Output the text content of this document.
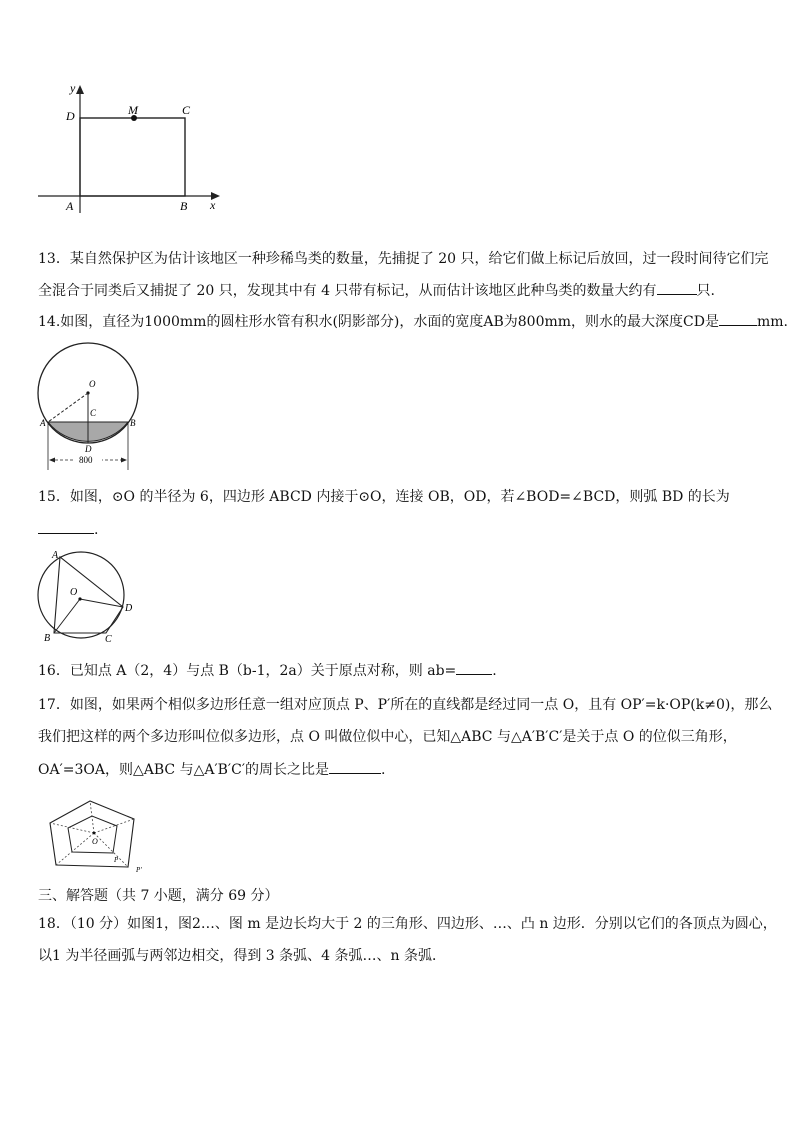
y
x
D	M	C
A	B
13．某自然保护区为估计该地区一种珍稀鸟类的数量，先捕捉了 20 只，给它们做上标记后放回，过一段时间待它们完
全混合于同类后又捕捉了 20 只，发现其中有 4 只带有标记，从而估计该地区此种鸟类的数量大约有	只.
14.如图，直径为1000mm的圆柱形水管有积水(阴影部分)，水面的宽度AB为800mm，则水的最大深度CD是	mm.
O
C
A	B
D
800
15．如图，⊙O 的半径为 6，四边形 ABCD 内接于⊙O，连接 OB，OD，若∠BOD=∠BCD，则弧 BD 的长为
.
A
O
D
B	C
16．已知点 A（2，4）与点 B（b-1，2a）关于原点对称，则 ab=	.
17．如图，如果两个相似多边形任意一组对应顶点 P、P′所在的直线都是经过同一点 O，且有 OP′=k·OP(k≠0)，那么
我们把这样的两个多边形叫位似多边形，点 O 叫做位似中心，已知△ABC 与△A′B′C′是关于点 O 的位似三角形，
OA′=3OA，则△ABC 与△A′B′C′的周长之比是	.
O
P
P′
三、解答题（共 7 小题，满分 69 分）
18．（10 分）如图1，图2…、图 m 是边长均大于 2 的三角形、四边形、…、凸 n 边形．分别以它们的各顶点为圆心，
以1 为半径画弧与两邻边相交，得到 3 条弧、4 条弧…、n 条弧．
